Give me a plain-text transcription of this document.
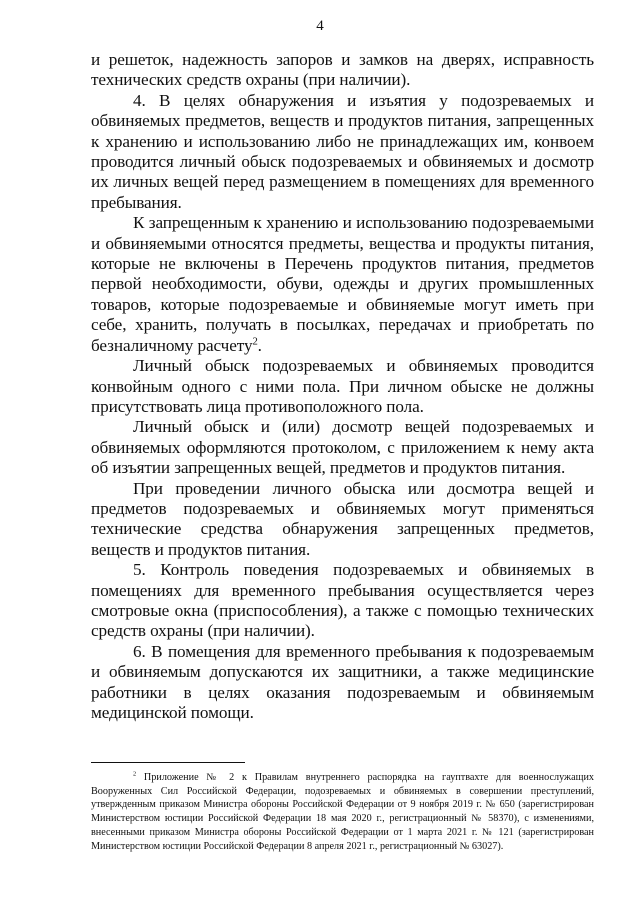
4

и решеток, надежность запоров и замков на дверях, исправность технических средств охраны (при наличии).

4. В целях обнаружения и изъятия у подозреваемых и обвиняемых предметов, веществ и продуктов питания, запрещенных к хранению и использованию либо не принадлежащих им, конвоем проводится личный обыск подозреваемых и обвиняемых и досмотр их личных вещей перед размещением в помещениях для временного пребывания.

К запрещенным к хранению и использованию подозреваемыми и обвиняемыми относятся предметы, вещества и продукты питания, которые не включены в Перечень продуктов питания, предметов первой необходимости, обуви, одежды и других промышленных товаров, которые подозреваемые и обвиняемые могут иметь при себе, хранить, получать в посылках, передачах и приобретать по безналичному расчету$^2$.

Личный обыск подозреваемых и обвиняемых проводится конвойным одного с ними пола. При личном обыске не должны присутствовать лица противоположного пола.

Личный обыск и (или) досмотр вещей подозреваемых и обвиняемых оформляются протоколом, с приложением к нему акта об изъятии запрещенных вещей, предметов и продуктов питания.

При проведении личного обыска или досмотра вещей и предметов подозреваемых и обвиняемых могут применяться технические средства обнаружения запрещенных предметов, веществ и продуктов питания.

5. Контроль поведения подозреваемых и обвиняемых в помещениях для временного пребывания осуществляется через смотровые окна (приспособления), а также с помощью технических средств охраны (при наличии).

6. В помещения для временного пребывания к подозреваемым и обвиняемым допускаются их защитники, а также медицинские работники в целях оказания подозреваемым и обвиняемым медицинской помощи.

$^2$ Приложение № 2 к Правилам внутреннего распорядка на гауптвахте для военнослужащих Вооруженных Сил Российской Федерации, подозреваемых и обвиняемых в совершении преступлений, утвержденным приказом Министра обороны Российской Федерации от 9 ноября 2019 г. № 650 (зарегистрирован Министерством юстиции Российской Федерации 18 мая 2020 г., регистрационный № 58370), с изменениями, внесенными приказом Министра обороны Российской Федерации от 1 марта 2021 г. № 121 (зарегистрирован Министерством юстиции Российской Федерации 8 апреля 2021 г., регистрационный № 63027).
